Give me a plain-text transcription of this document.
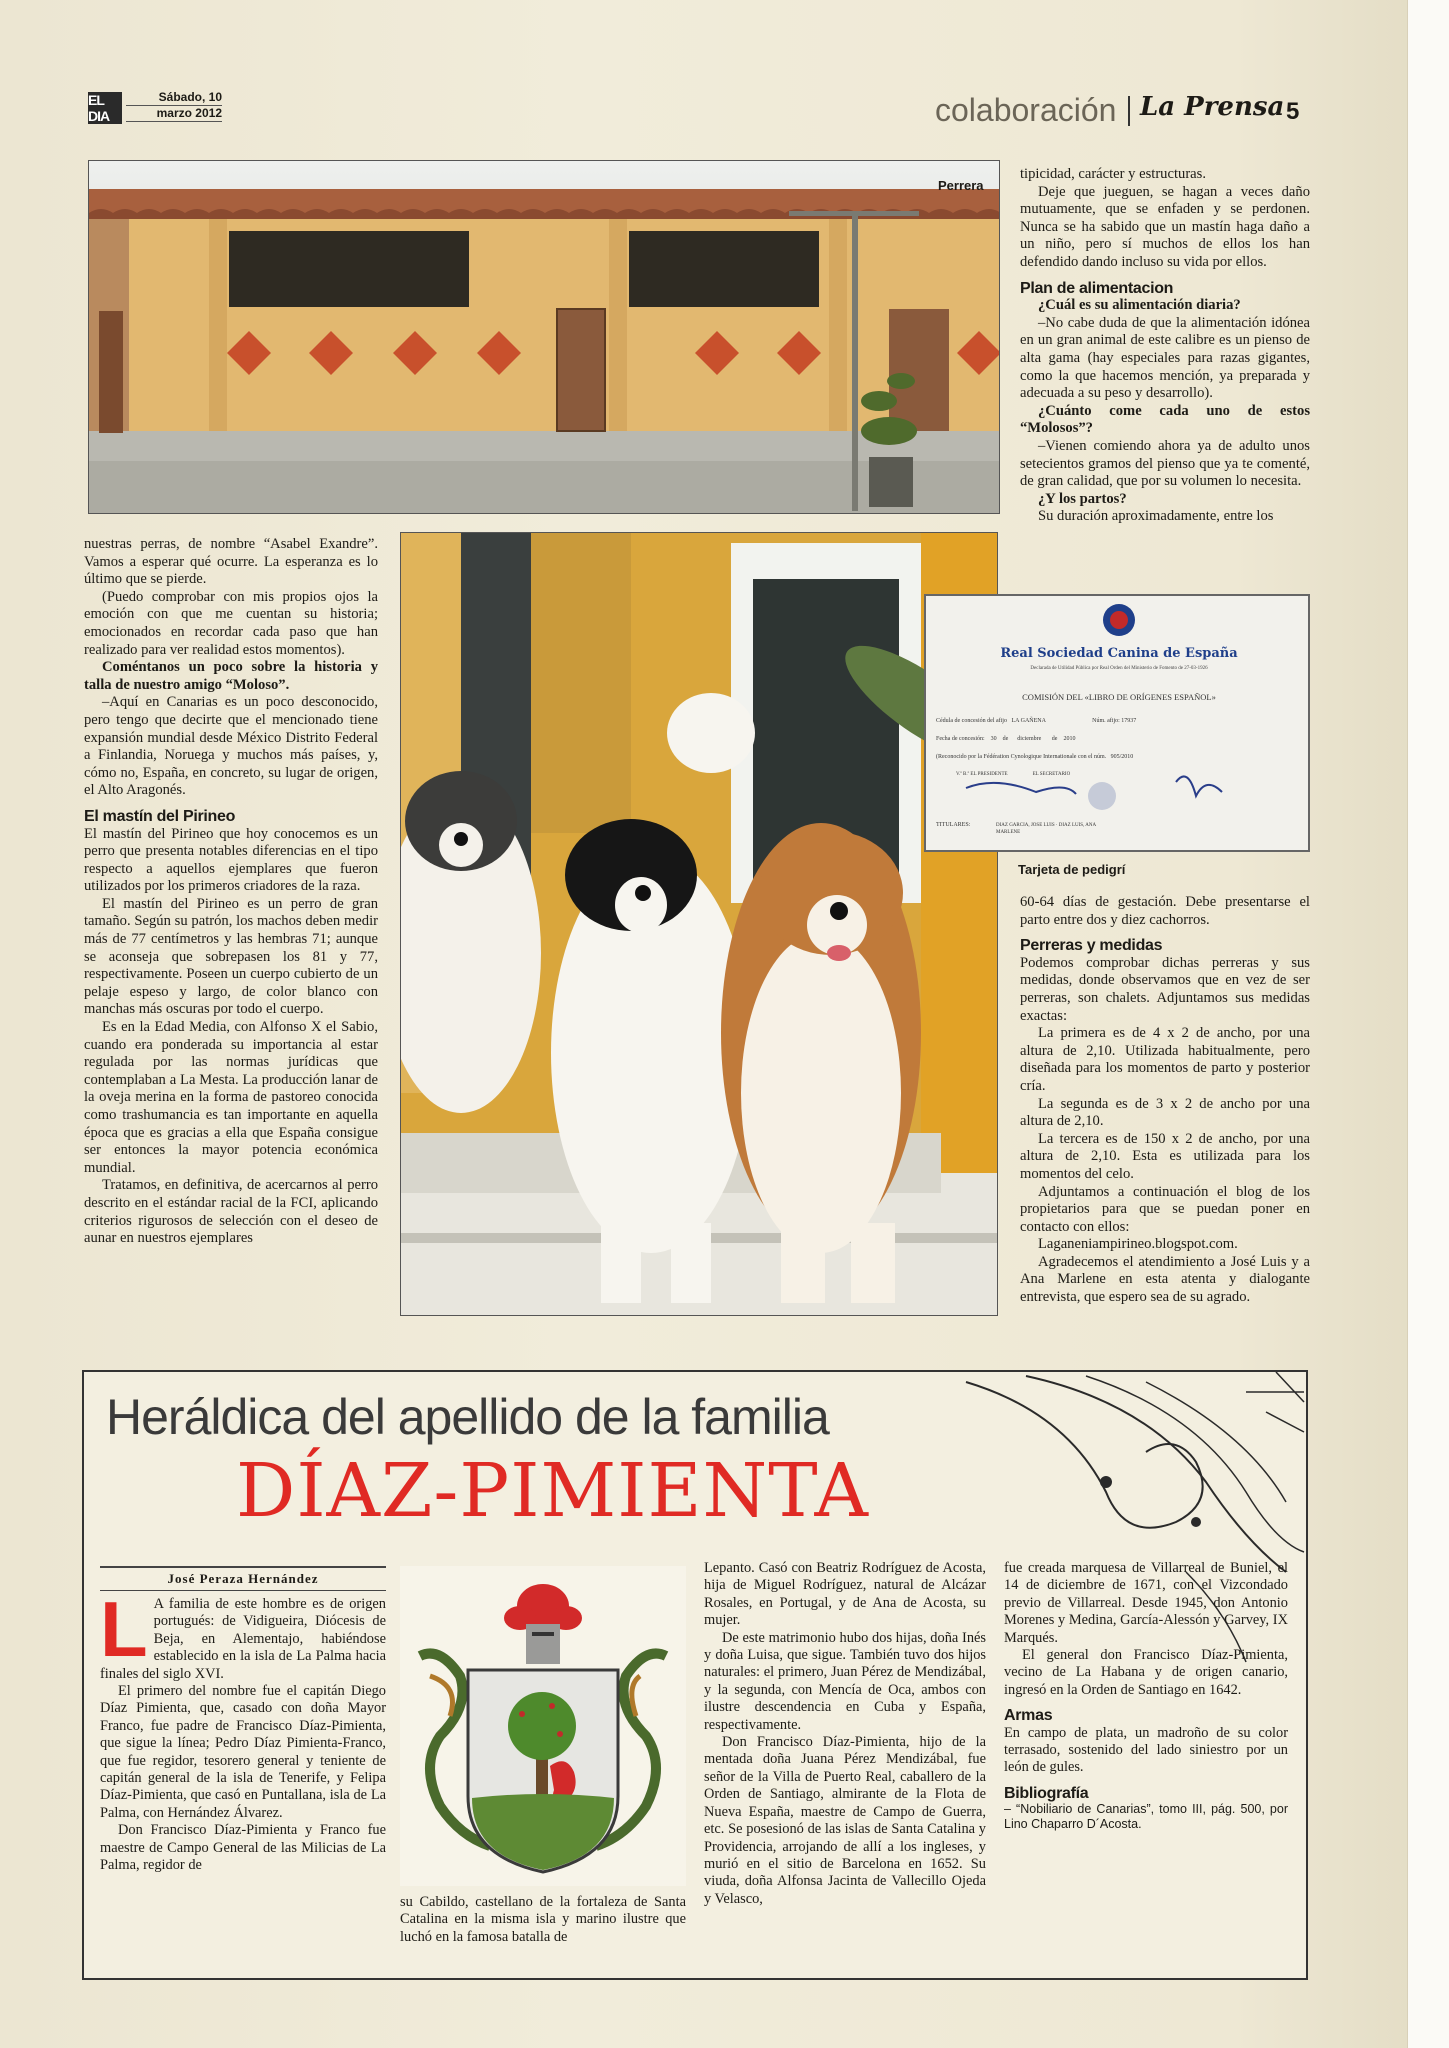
EL DIA
Sábado, 10
marzo 2012	colaboración La Prensa 5
Perrera
Real Sociedad Canina de España
Declarada de Utilidad Pública por Real Orden del Ministerio de Fomento de 27-03-1926
COMISIÓN DEL «LIBRO DE ORÍGENES ESPAÑOL»
Cédula de concesión del afijo   LA GAÑENA                               Núm. afijo: 17937
Fecha de concesión:    30    de      diciembre       de    2010
(Reconocido por la Fédération Cynologique Internationale con el núm.   905/2010
V.º B.º EL PRESIDENTE                    EL SECRETARIO
TITULARES:	DIAZ GARCIA, JOSE LUIS · DIAZ LUIS, ANA MARLENE
Tarjeta de pedigrí

nuestras perras, de nombre “Asabel Exandre”. Vamos a esperar qué ocurre. La esperanza es lo último que se pierde.

(Puedo comprobar con mis propios ojos la emoción con que me cuentan su historia; emocionados en recordar cada paso que han realizado para ver realidad estos momentos).

Coméntanos un poco sobre la historia y talla de nuestro amigo “Moloso”.

–Aquí en Canarias es un poco desconocido, pero tengo que decirte que el mencionado tiene expansión mundial desde México Distrito Federal a Finlandia, Noruega y muchos más países, y, cómo no, España, en concreto, su lugar de origen, el Alto Aragonés.

El mastín del Pirineo

El mastín del Pirineo que hoy conocemos es un perro que presenta notables diferencias en el tipo respecto a aquellos ejemplares que fueron utilizados por los primeros criadores de la raza.

El mastín del Pirineo es un perro de gran tamaño. Según su patrón, los machos deben medir más de 77 centímetros y las hembras 71; aunque se aconseja que sobrepasen los 81 y 77, respectivamente. Poseen un cuerpo cubierto de un pelaje espeso y largo, de color blanco con manchas más oscuras por todo el cuerpo.

Es en la Edad Media, con Alfonso X el Sabio, cuando era ponderada su importancia al estar regulada por las normas jurídicas que contemplaban a La Mesta. La producción lanar de la oveja merina en la forma de pastoreo conocida como trashumancia es tan importante en aquella época que es gracias a ella que España consigue ser entonces la mayor potencia económica mundial.

Tratamos, en definitiva, de acercarnos al perro descrito en el estándar racial de la FCI, aplicando criterios rigurosos de selección con el deseo de aunar en nuestros ejemplares

tipicidad, carácter y estructuras.

Deje que jueguen, se hagan a veces daño mutuamente, que se enfaden y se perdonen. Nunca se ha sabido que un mastín haga daño a un niño, pero sí muchos de ellos los han defendido dando incluso su vida por ellos.

Plan de alimentacion

¿Cuál es su alimentación diaria?

–No cabe duda de que la alimentación idónea en un gran animal de este calibre es un pienso de alta gama (hay especiales para razas gigantes, como la que hacemos mención, ya preparada y adecuada a su peso y desarrollo).

¿Cuánto come cada uno de estos “Molosos”?

–Vienen comiendo ahora ya de adulto unos setecientos gramos del pienso que ya te comenté, de gran calidad, que por su volumen lo necesita.

¿Y los partos?

Su duración aproximadamente, entre los

60-64 días de gestación. Debe presentarse el parto entre dos y diez cachorros.

Perreras y medidas

Podemos comprobar dichas perreras y sus medidas, donde observamos que en vez de ser perreras, son chalets. Adjuntamos sus medidas exactas:

La primera es de 4 x 2 de ancho, por una altura de 2,10. Utilizada habitualmente, pero diseñada para los momentos de parto y posterior cría.

La segunda es de 3 x 2 de ancho por una altura de 2,10.

La tercera es de 150 x 2 de ancho, por una altura de 2,10. Esta es utilizada para los momentos del celo.

Adjuntamos a continuación el blog de los propietarios para que se puedan poner en contacto con ellos:

Laganeniampirineo.blogspot.com.

Agradecemos el atendimiento a José Luis y a Ana Marlene en esta atenta y dialogante entrevista, que espero sea de su agrado.

Heráldica del apellido de la familia
DÍAZ-PIMIENTA
José Peraza Hernández

L A familia de este hombre es de origen portugués: de Vidigueira, Diócesis de Beja, en Alementajo, habiéndose establecido en la isla de La Palma hacia finales del siglo XVI.

El primero del nombre fue el capitán Diego Díaz Pimienta, que, casado con doña Mayor Franco, fue padre de Francisco Díaz-Pimienta, que sigue la línea; Pedro Díaz Pimienta-Franco, que fue regidor, tesorero general y teniente de capitán general de la isla de Tenerife, y Felipa Díaz-Pimienta, que casó en Puntallana, isla de La Palma, con Hernández Álvarez.

Don Francisco Díaz-Pimienta y Franco fue maestre de Campo General de las Milicias de La Palma, regidor de

su Cabildo, castellano de la fortaleza de Santa Catalina en la misma isla y marino ilustre que luchó en la famosa batalla de

Lepanto. Casó con Beatriz Rodríguez de Acosta, hija de Miguel Rodríguez, natural de Alcázar Rosales, en Portugal, y de Ana de Acosta, su mujer.

De este matrimonio hubo dos hijas, doña Inés y doña Luisa, que sigue. También tuvo dos hijos naturales: el primero, Juan Pérez de Mendizábal, y la segunda, con Mencía de Oca, ambos con ilustre descendencia en Cuba y España, respectivamente.

Don Francisco Díaz-Pimienta, hijo de la mentada doña Juana Pérez Mendizábal, fue señor de la Villa de Puerto Real, caballero de la Orden de Santiago, almirante de la Flota de Nueva España, maestre de Campo de Guerra, etc. Se posesionó de las islas de Santa Catalina y Providencia, arrojando de allí a los ingleses, y murió en el sitio de Barcelona en 1652. Su viuda, doña Alfonsa Jacinta de Vallecillo Ojeda y Velasco,

fue creada marquesa de Villarreal de Buniel, el 14 de diciembre de 1671, con el Vizcondado previo de Villarreal. Desde 1945, don Antonio Morenes y Medina, García-Alessón y Garvey, IX Marqués.

El general don Francisco Díaz-Pimienta, vecino de La Habana y de origen canario, ingresó en la Orden de Santiago en 1642.

Armas

En campo de plata, un madroño de su color terrasado, sostenido del lado siniestro por un león de gules.

Bibliografía

– “Nobiliario de Canarias”, tomo III, pág. 500, por Lino Chaparro D´Acosta.
